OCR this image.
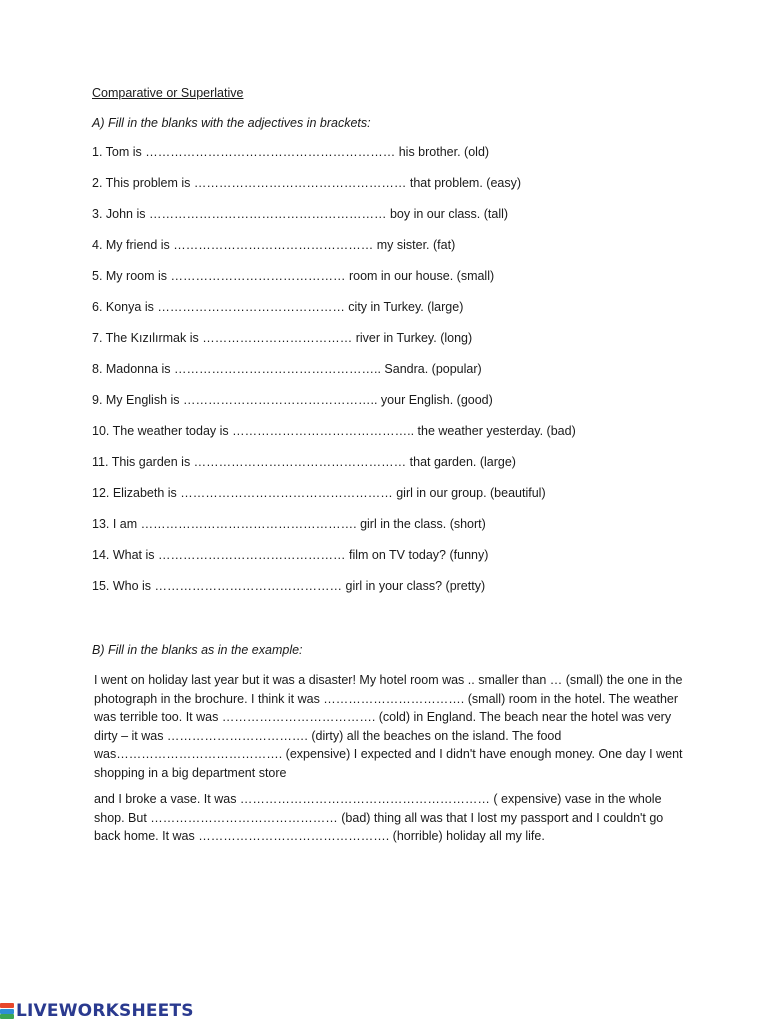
Comparative or Superlative
A) Fill in the blanks with the adjectives in brackets:
1. Tom is …………………………………………………… his brother. (old)
2. This problem is …………………………………………… that problem. (easy)
3. John is ………………………………………………… boy in our class. (tall)
4. My friend is ………………………………………… my sister. (fat)
5. My room is …………………………………… room in our house. (small)
6. Konya is ……………………………………… city in Turkey. (large)
7. The Kızılırmak is ……………………………… river in Turkey. (long)
8. Madonna is ………………………………………….. Sandra. (popular)
9. My English is ……………………………………….. your English. (good)
10. The weather today is …………………………………….. the weather yesterday. (bad)
11. This garden is …………………………………………… that garden. (large)
12. Elizabeth is …………………………………………… girl in our group. (beautiful)
13. I am ……………………………………………. girl in the class. (short)
14. What is ……………………………………… film on TV today? (funny)
15. Who is ……………………………………… girl in your class? (pretty)
B) Fill in the blanks as in the example:

I went on holiday last year but it was a disaster! My hotel room was .. smaller than … (small) the one in the photograph in the brochure. I think it was ……………………………. (small) room in the hotel. The weather was terrible too. It was ………………………………. (cold) in England. The beach near the hotel was very dirty – it was ……………………………. (dirty) all the beaches on the island. The food was…………………………………. (expensive) I expected and I didn't have enough money. One day I went shopping in a big department store

and I broke a vase. It was …………………………………………………… ( expensive) vase in the whole shop. But ……………………………………… (bad) thing all was that I lost my passport and I couldn't go back home. It was ………………………………………. (horrible) holiday all my life.

LIVEWORKSHEETS
